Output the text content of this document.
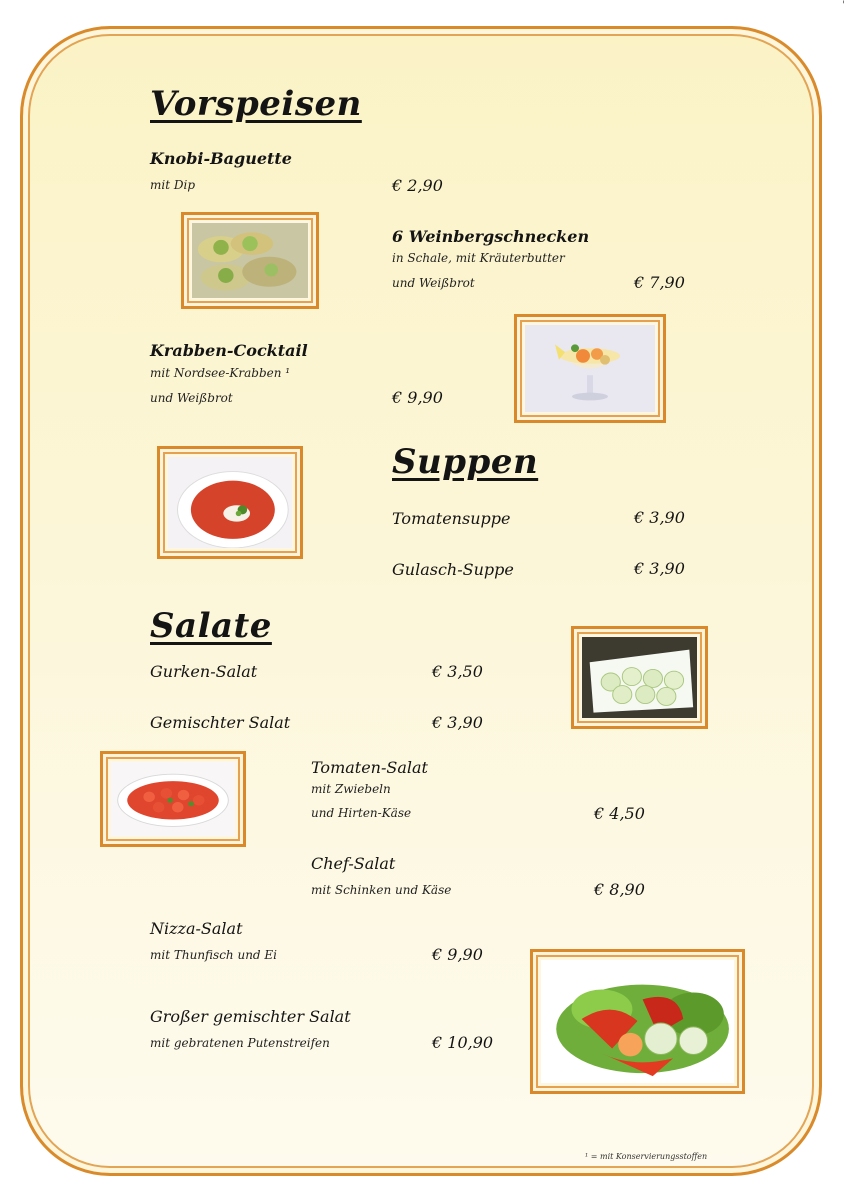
'
Vorspeisen
Knobi-Baguette
mit Dip	€ 2,90
6 Weinbergschnecken
in Schale, mit Kräuterbutter
und Weißbrot	€ 7,90
Krabben-Cocktail
mit Nordsee-Krabben ¹
und Weißbrot	€ 9,90
Suppen
Tomatensuppe	€ 3,90
Gulasch-Suppe	€ 3,90
Salate
Gurken-Salat	€ 3,50
Gemischter Salat	€ 3,90
Tomaten-Salat
mit Zwiebeln
und Hirten-Käse	€ 4,50
Chef-Salat
mit Schinken und Käse	€ 8,90
Nizza-Salat
mit Thunfisch und Ei	€ 9,90
Großer gemischter Salat
mit gebratenen Putenstreifen	€ 10,90
¹ = mit Konservierungsstoffen
